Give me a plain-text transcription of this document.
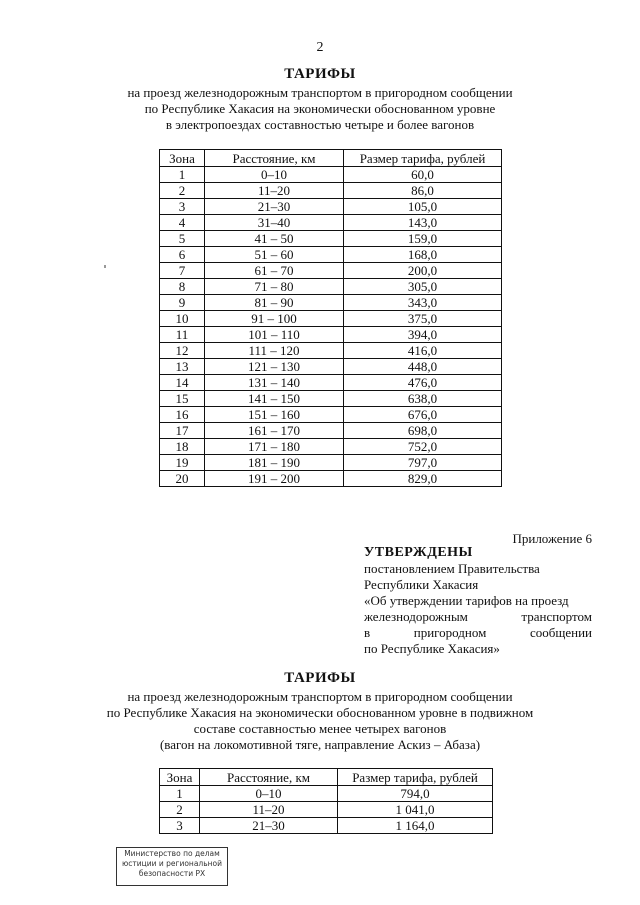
2
ТАРИФЫ
на проезд железнодорожным транспортом в пригородном сообщении
по Республике Хакасия на экономически обоснованном уровне
в электропоездах составностью четыре и более вагонов
Зона	Расстояние, км	Размер тарифа, рублей
1	0–10	60,0
2	11–20	86,0
3	21–30	105,0
4	31–40	143,0
5	41 – 50	159,0
6	51 – 60	168,0
7	61 – 70	200,0
8	71 – 80	305,0
9	81 – 90	343,0
10	91 – 100	375,0
11	101 – 110	394,0
12	111 – 120	416,0
13	121 – 130	448,0
14	131 – 140	476,0
15	141 – 150	638,0
16	151 – 160	676,0
17	161 – 170	698,0
18	171 – 180	752,0
19	181 – 190	797,0
20	191 – 200	829,0
Приложение 6
УТВЕРЖДЕНЫ
постановлением Правительства
Республики Хакасия
«Об утверждении тарифов на проезд
железнодорожным транспортом
в пригородном сообщении
по Республике Хакасия»
ТАРИФЫ
на проезд железнодорожным транспортом в пригородном сообщении
по Республике Хакасия на экономически обоснованном уровне в подвижном
составе составностью менее четырех вагонов
(вагон на локомотивной тяге, направление Аскиз – Абаза)
Зона	Расстояние, км	Размер тарифа, рублей
1	0–10	794,0
2	11–20	1 041,0
3	21–30	1 164,0
Министерство по делам
юстиции и региональной
безопасности РХ
